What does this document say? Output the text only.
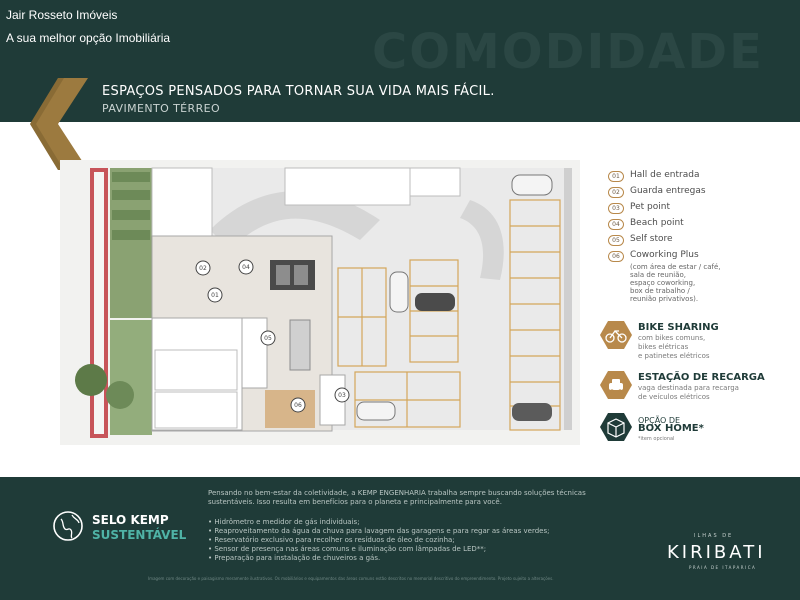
Jair Rosseto Imóveis
A sua melhor opção Imobiliária	COMODIDADE
ESPAÇOS PENSADOS PARA TORNAR SUA VIDA MAIS FÁCIL.
PAVIMENTO TÉRREO
01
02
03
04
05
06
01	Hall de entrada
02	Guarda entregas
03	Pet point
04	Beach point
05	Self store
06	Coworking Plus
(com área de estar / café,
sala de reunião,
espaço coworking,
box de trabalho /
reunião privativos).
BIKE SHARING
com bikes comuns,
bikes elétricas
e patinetes elétricos
ESTAÇÃO DE RECARGA
vaga destinada para recarga
de veículos elétricos
OPÇÃO DE
BOX HOME*
*item opcional
SELO KEMP
SUSTENTÁVEL
Pensando no bem-estar da coletividade, a KEMP ENGENHARIA trabalha sempre buscando soluções técnicas sustentáveis. Isso resulta em benefícios para o planeta e principalmente para você.
• Hidrômetro e medidor de gás individuais;
• Reaproveitamento da água da chuva para lavagem das garagens e para regar as áreas verdes;
• Reservatório exclusivo para recolher os resíduos de óleo de cozinha;
• Sensor de presença nas áreas comuns e iluminação com lâmpadas de LED**;
• Preparação para instalação de chuveiros a gás.
Imagem com decoração e paisagismo meramente ilustrativos. Os mobiliários e equipamentos das áreas comuns estão descritos no memorial descritivo do empreendimento. Projeto sujeito a alterações.
ILHAS DE
KIRIBATI
PRAIA DE ITAPARICA
